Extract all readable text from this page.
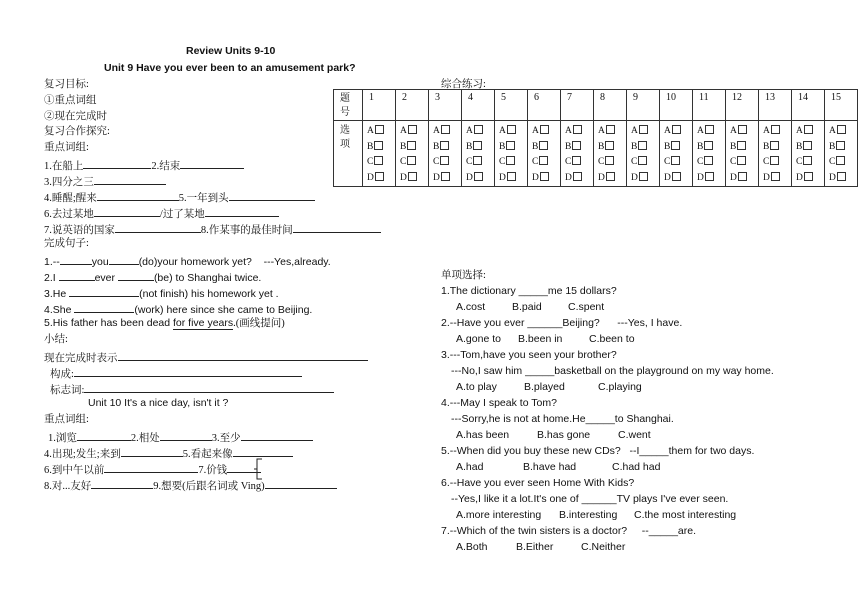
Review Units 9-10
Unit 9 Have you ever been to an amusement park?
复习目标:
①重点词组
②现在完成时
复习合作探究:
重点词组:
1.在船上	2.结束
3.四分之三
4.睡醒;醒来	5.一年到头
6.去过某地	/过了某地
7.说英语的国家	8.作某事的最佳时间
完成句子:
1.--	you	(do)your homework yet?    ---Yes,already.
2.I	ever	(be) to Shanghai twice.
3.He	(not finish) his homework yet .
4.She	(work) here since she came to Beijing.
5.His father has been dead for five years.(画线提问)
小结:
现在完成时表示
构成:
标志词:
Unit 10 It's a nice day, isn't it ?
重点词组:
1.浏览	2.相处	3.至少
4.出现;发生;来到	5.看起来像
6.到中午以前	7.价钱
8.对...友好	9.想要(后跟名词或 Ving)
综合练习:
题
号	1	2	3	4	5	6	7	8	9	10	11	12	13	14	15
选
项	A
B
C
D	A
B
C
D	A
B
C
D	A
B
C
D	A
B
C
D	A
B
C
D	A
B
C
D	A
B
C
D	A
B
C
D	A
B
C
D	A
B
C
D	A
B
C
D	A
B
C
D	A
B
C
D	A
B
C
D
单项选择:
1.The dictionary _____me 15 dollars?
A.cost	B.paid C.spent
2.--Have you ever ______Beijing?      ---Yes, I have.
A.gone to B.been in	C.been to
3.---Tom,have you seen your brother?
---No,I saw him _____basketball on the playground on my way home.
A.to play	B.played	C.playing
4.---May I speak to Tom?
---Sorry,he is not at home.He_____to Shanghai.
A.has been	B.has gone	C.went
5.--When did you buy these new CDs?   --I_____them for two days.
A.had	B.have had	C.had had
6.--Have you ever seen Home With Kids?
--Yes,I like it a lot.It's one of ______TV plays I've ever seen.
A.more interesting B.interesting C.the most interesting
7.--Which of the twin sisters is a doctor?     --_____are.
A.Both	B.Either	C.Neither
